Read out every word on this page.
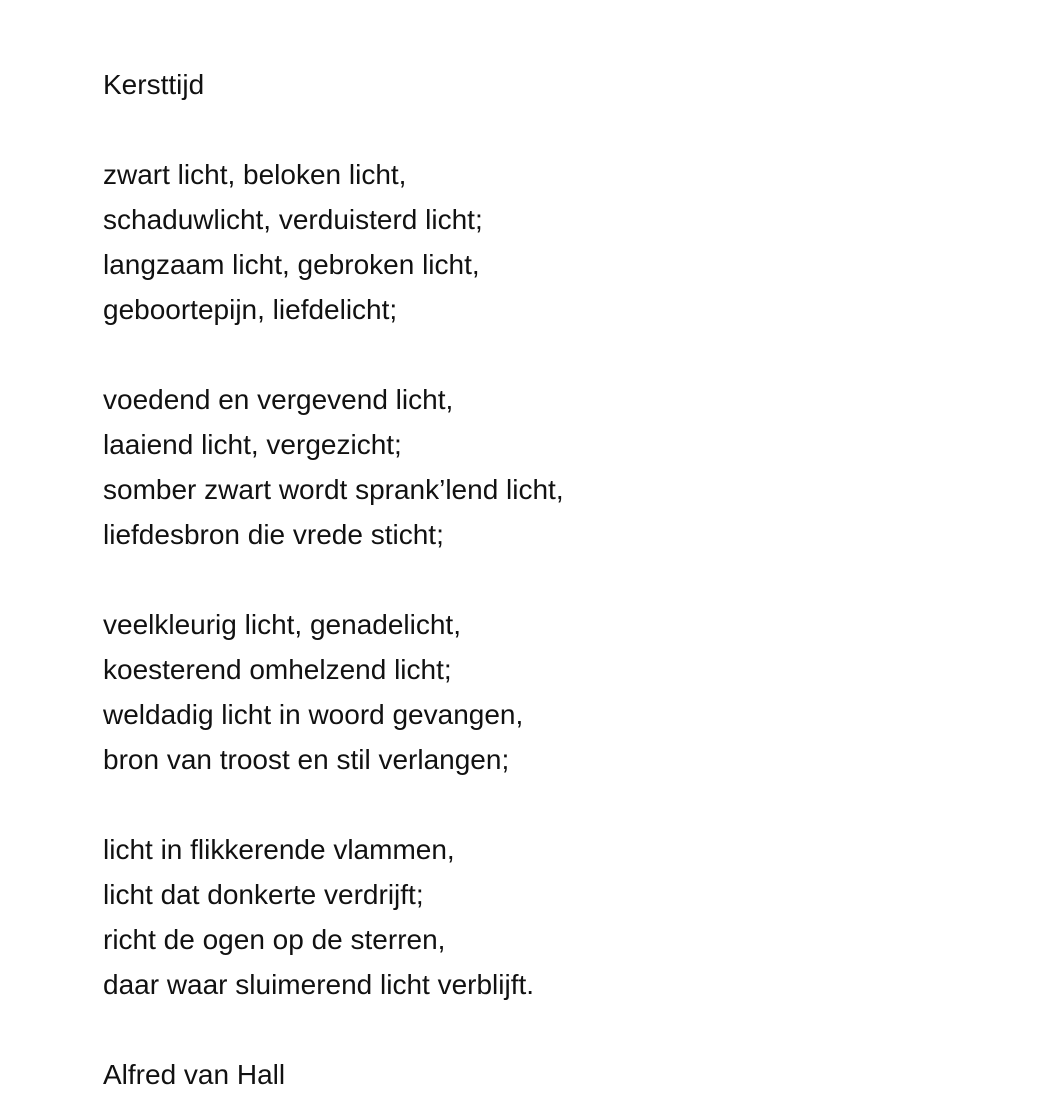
Kersttijd

zwart licht, beloken licht,

schaduwlicht, verduisterd licht;

langzaam licht, gebroken licht,

geboortepijn, liefdelicht;

voedend en vergevend licht,

laaiend licht, vergezicht;

somber zwart wordt sprank’lend licht,

liefdesbron die vrede sticht;

veelkleurig licht, genadelicht,

koesterend omhelzend licht;

weldadig licht in woord gevangen,

bron van troost en stil verlangen;

licht in flikkerende vlammen,

licht dat donkerte verdrijft;

richt de ogen op de sterren,

daar waar sluimerend licht verblijft.

Alfred van Hall
